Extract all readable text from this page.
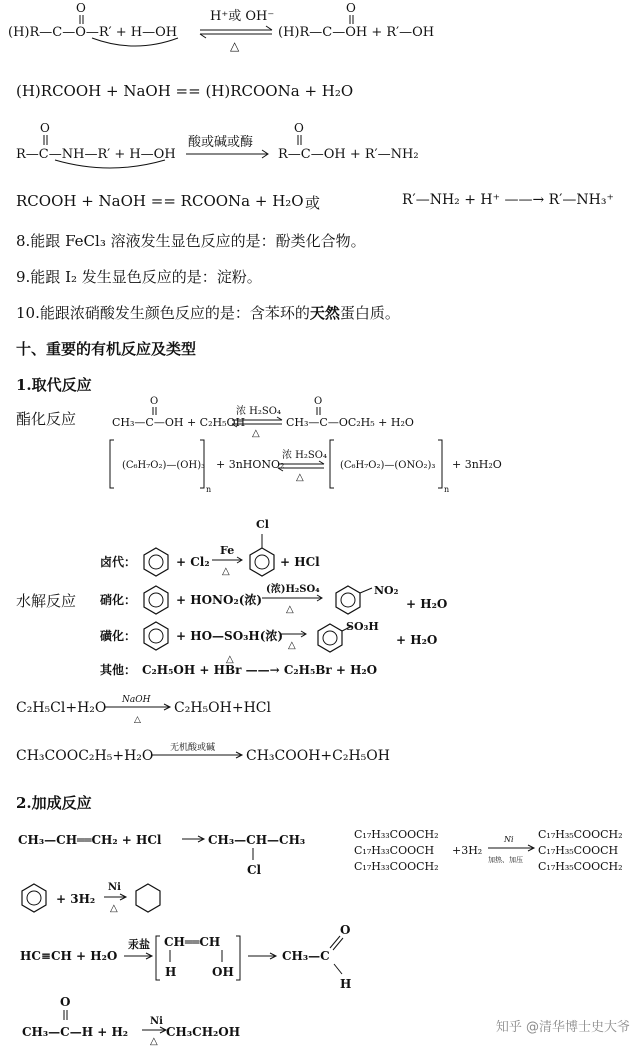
(H)R—C—O—R′ + H—OH
O
H⁺或 OH⁻
△
(H)R—C—OH + R′—OH
O
(H)RCOOH + NaOH == (H)RCOONa + H₂O
R—C—NH—R′ + H—OH
O
酸或碱或酶
R—C—OH + R′—NH₂
O
RCOOH + NaOH == RCOONa + H₂O 或	R′—NH₂ + H⁺ ——→ R′—NH₃⁺
8.能跟 FeCl₃ 溶液发生显色反应的是：酚类化合物。
9.能跟 I₂ 发生显色反应的是：淀粉。
10.能跟浓硝酸发生颜色反应的是：含苯环的天然蛋白质。
十、重要的有机反应及类型
1.取代反应
酯化反应	CH₃—C—OH + C₂H₅OH
O
浓 H₂SO₄
△
CH₃—C—OC₂H₅ + H₂O
O
(C₆H₇O₂)—(OH)₃
n
+ 3nHONO₂
浓 H₂SO₄
△
(C₆H₇O₂)—(ONO₂)₃
n
+ 3nH₂O
水解反应
卤代：	+ Cl₂
Fe
△
Cl
+ HCl
硝化：	+ HONO₂(浓)
(浓)H₂SO₄
△
NO₂
+ H₂O
磺化：	+ HO—SO₃H(浓)
△
SO₃H
+ H₂O
其他： C₂H₅OH + HBr ——→ C₂H₅Br + H₂O
△
C₂H₅Cl+H₂O NaOH
△
C₂H₅OH+HCl
CH₃COOC₂H₅+H₂O 无机酸或碱 CH₃COOH+C₂H₅OH
2.加成反应
CH₃—CH══CH₂ + HCl	CH₃—CH—CH₃
Cl
C₁₇H₃₃COOCH₂
C₁₇H₃₃COOCH
C₁₇H₃₃COOCH₂
+3H₂
Ni
加热、加压
C₁₇H₃₅COOCH₂
C₁₇H₃₅COOCH
C₁₇H₃₅COOCH₂
+ 3H₂
Ni
△
HC≡CH + H₂O
汞盐 CH══CH
H	OH
CH₃—C
O
H
O
CH₃—C—H + H₂
Ni
△
CH₃CH₂OH	知乎 @清华博士史大爷
